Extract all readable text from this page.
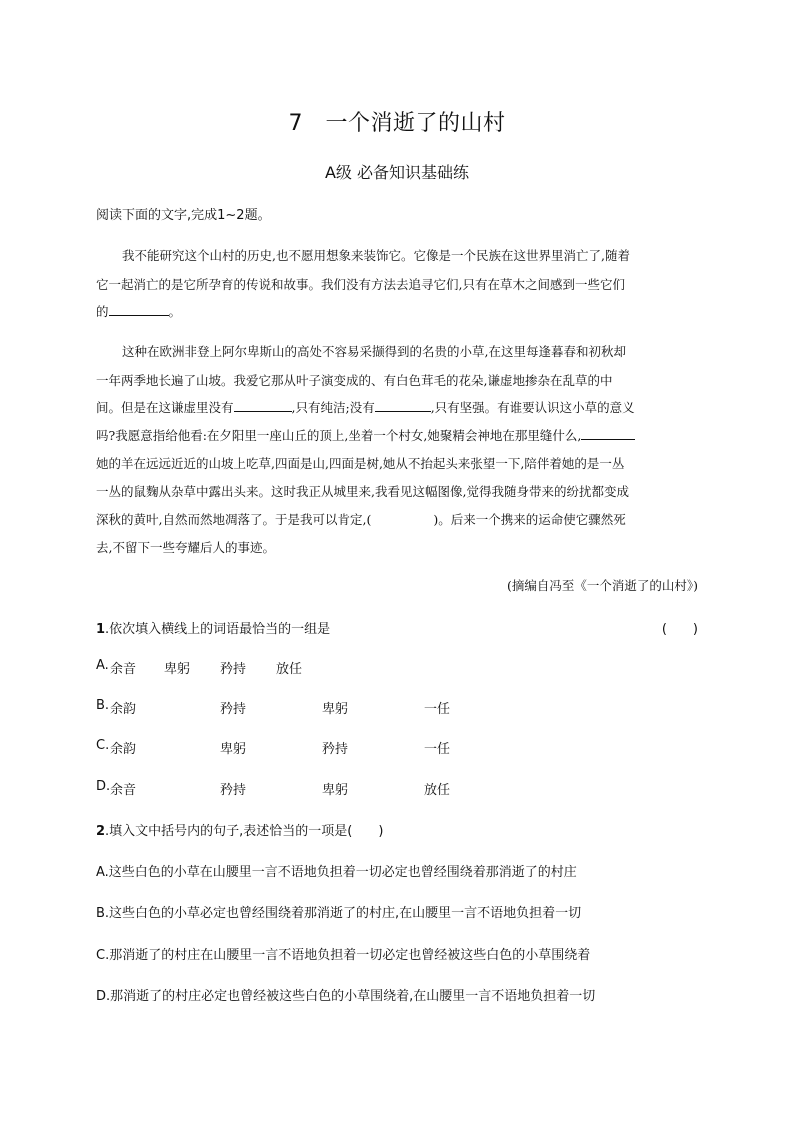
7　一个消逝了的山村
A级 必备知识基础练
阅读下面的文字,完成1~2题。
我不能研究这个山村的历史,也不愿用想象来装饰它。它像是一个民族在这世界里消亡了,随着
它一起消亡的是它所孕育的传说和故事。我们没有方法去追寻它们,只有在草木之间感到一些它们
的	。
这种在欧洲非登上阿尔卑斯山的高处不容易采撷得到的名贵的小草,在这里每逢暮春和初秋却
一年两季地长遍了山坡。我爱它那从叶子演变成的、有白色茸毛的花朵,谦虚地掺杂在乱草的中
间。但是在这谦虚里没有	,只有纯洁;没有	,只有坚强。有谁要认识这小草的意义
吗?我愿意指给他看:在夕阳里一座山丘的顶上,坐着一个村女,她聚精会神地在那里缝什么,
她的羊在远远近近的山坡上吃草,四面是山,四面是树,她从不抬起头来张望一下,陪伴着她的是一丛
一丛的鼠麴从杂草中露出头来。这时我正从城里来,我看见这幅图像,觉得我随身带来的纷扰都变成
深秋的黄叶,自然而然地凋落了。于是我可以肯定,(	)。后来一个携来的运命使它骤然死
去,不留下一些夸耀后人的事迹。
(摘编自冯至《一个消逝了的山村》)
1.依次填入横线上的词语最恰当的一组是	(　　)
A. 余音 卑躬 矜持 放任
B. 余韵	矜持	卑躬	一任
C. 余韵	卑躬	矜持	一任
D. 余音	矜持	卑躬	放任
2.填入文中括号内的句子,表述恰当的一项是(　　)
A.这些白色的小草在山腰里一言不语地负担着一切必定也曾经围绕着那消逝了的村庄
B.这些白色的小草必定也曾经围绕着那消逝了的村庄,在山腰里一言不语地负担着一切
C.那消逝了的村庄在山腰里一言不语地负担着一切必定也曾经被这些白色的小草围绕着
D.那消逝了的村庄必定也曾经被这些白色的小草围绕着,在山腰里一言不语地负担着一切
